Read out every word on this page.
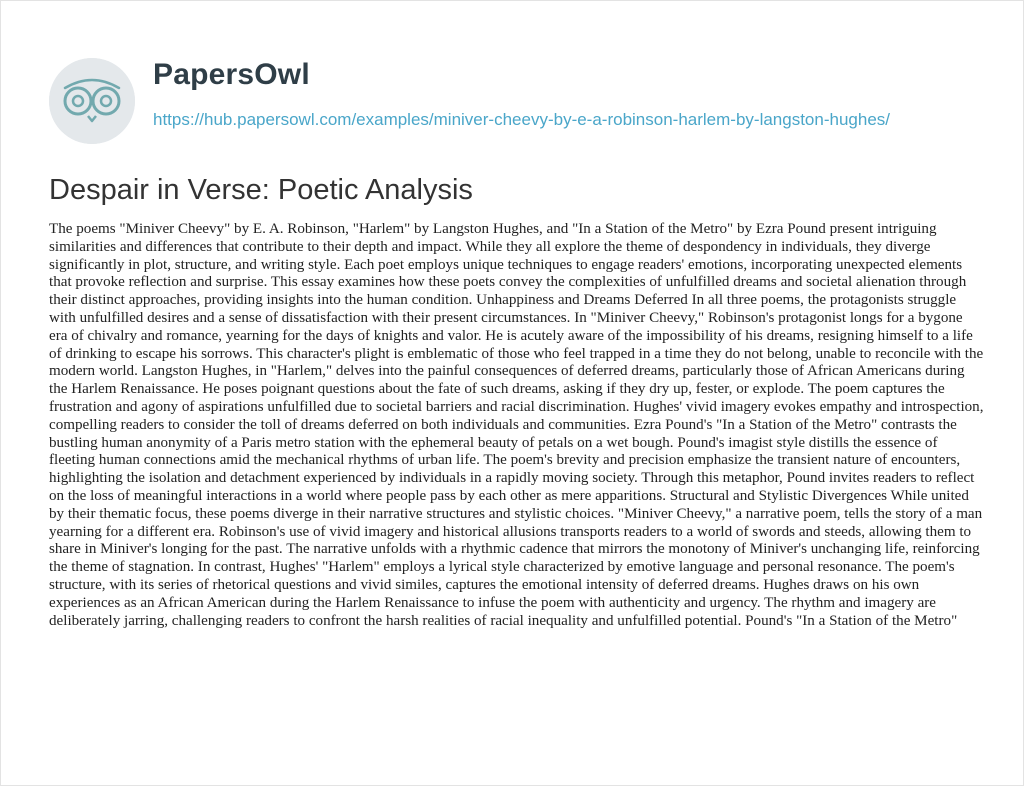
PapersOwl
https://hub.papersowl.com/examples/miniver-cheevy-by-e-a-robinson-harlem-by-langston-hughes/
Despair in Verse: Poetic Analysis

The poems "Miniver Cheevy" by E. A. Robinson, "Harlem" by Langston Hughes, and "In a Station of the Metro" by Ezra Pound present intriguing similarities and differences that contribute to their depth and impact. While they all explore the theme of despondency in individuals, they diverge significantly in plot, structure, and writing style. Each poet employs unique techniques to engage readers' emotions, incorporating unexpected elements that provoke reflection and surprise. This essay examines how these poets convey the complexities of unfulfilled dreams and societal alienation through their distinct approaches, providing insights into the human condition. Unhappiness and Dreams Deferred In all three poems, the protagonists struggle with unfulfilled desires and a sense of dissatisfaction with their present circumstances. In "Miniver Cheevy," Robinson's protagonist longs for a bygone era of chivalry and romance, yearning for the days of knights and valor. He is acutely aware of the impossibility of his dreams, resigning himself to a life of drinking to escape his sorrows. This character's plight is emblematic of those who feel trapped in a time they do not belong, unable to reconcile with the modern world. Langston Hughes, in "Harlem," delves into the painful consequences of deferred dreams, particularly those of African Americans during the Harlem Renaissance. He poses poignant questions about the fate of such dreams, asking if they dry up, fester, or explode. The poem captures the frustration and agony of aspirations unfulfilled due to societal barriers and racial discrimination. Hughes' vivid imagery evokes empathy and introspection, compelling readers to consider the toll of dreams deferred on both individuals and communities. Ezra Pound's "In a Station of the Metro" contrasts the bustling human anonymity of a Paris metro station with the ephemeral beauty of petals on a wet bough. Pound's imagist style distills the essence of fleeting human connections amid the mechanical rhythms of urban life. The poem's brevity and precision emphasize the transient nature of encounters, highlighting the isolation and detachment experienced by individuals in a rapidly moving society. Through this metaphor, Pound invites readers to reflect on the loss of meaningful interactions in a world where people pass by each other as mere apparitions. Structural and Stylistic Divergences While united by their thematic focus, these poems diverge in their narrative structures and stylistic choices. "Miniver Cheevy," a narrative poem, tells the story of a man yearning for a different era. Robinson's use of vivid imagery and historical allusions transports readers to a world of swords and steeds, allowing them to share in Miniver's longing for the past. The narrative unfolds with a rhythmic cadence that mirrors the monotony of Miniver's unchanging life, reinforcing the theme of stagnation. In contrast, Hughes' "Harlem" employs a lyrical style characterized by emotive language and personal resonance. The poem's structure, with its series of rhetorical questions and vivid similes, captures the emotional intensity of deferred dreams. Hughes draws on his own experiences as an African American during the Harlem Renaissance to infuse the poem with authenticity and urgency. The rhythm and imagery are deliberately jarring, challenging readers to confront the harsh realities of racial inequality and unfulfilled potential. Pound's "In a Station of the Metro"
